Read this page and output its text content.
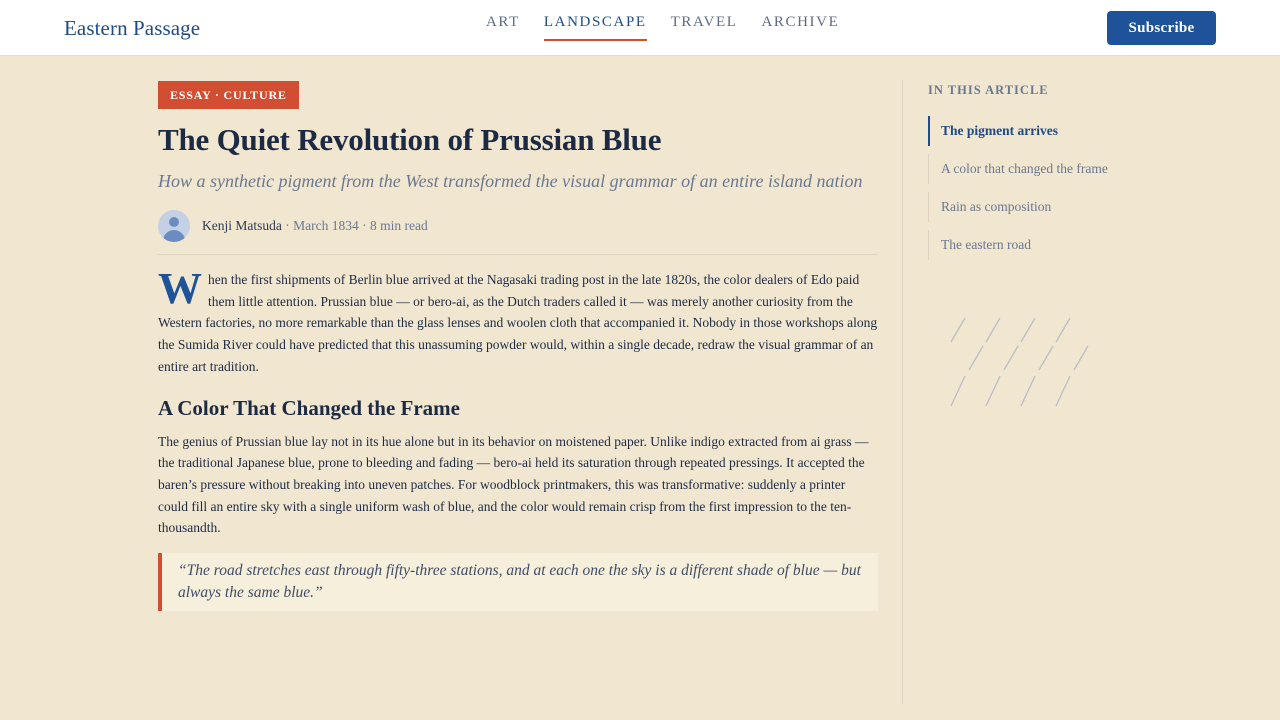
Eastern Passage	ART LANDSCAPE TRAVEL ARCHIVE	Subscribe
ESSAY · CULTURE
The Quiet Revolution of Prussian Blue

How a synthetic pigment from the West transformed the visual grammar of an entire island nation

Kenji Matsuda · March 1834 · 8 min read

When the first shipments of Berlin blue arrived at the Nagasaki trading post in the late 1820s, the color dealers of Edo paid them little attention. Prussian blue — or bero-ai, as the Dutch traders called it — was merely another curiosity from the Western factories, no more remarkable than the glass lenses and woolen cloth that accompanied it. Nobody in those workshops along the Sumida River could have predicted that this unassuming powder would, within a single decade, redraw the visual grammar of an entire art tradition.

A Color That Changed the Frame

The genius of Prussian blue lay not in its hue alone but in its behavior on moistened paper. Unlike indigo extracted from ai grass — the traditional Japanese blue, prone to bleeding and fading — bero-ai held its saturation through repeated pressings. It accepted the baren’s pressure without breaking into uneven patches. For woodblock printmakers, this was transformative: suddenly a printer could fill an entire sky with a single uniform wash of blue, and the color would remain crisp from the first impression to the ten-thousandth.

“The road stretches east through fifty-three stations, and at each one the sky is a different shade of blue — but always the same blue.”
IN THIS ARTICLE
The pigment arrives
A color that changed the frame
Rain as composition
The eastern road
